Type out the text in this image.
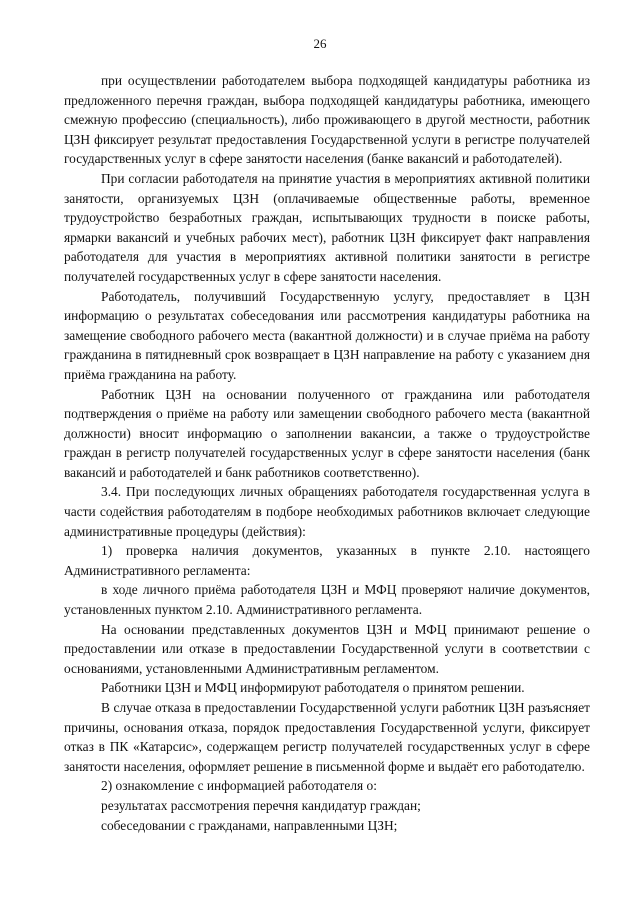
26

при осуществлении работодателем выбора подходящей кандидатуры работника из предложенного перечня граждан, выбора подходящей кандидатуры работника, имеющего смежную профессию (специальность), либо проживающего в другой местности, работник ЦЗН фиксирует результат предоставления Государственной услуги в регистре получателей государственных услуг в сфере занятости населения (банке вакансий и работодателей).

При согласии работодателя на принятие участия в мероприятиях активной политики занятости, организуемых ЦЗН (оплачиваемые общественные работы, временное трудоустройство безработных граждан, испытывающих трудности в поиске работы, ярмарки вакансий и учебных рабочих мест), работник ЦЗН фиксирует факт направления работодателя для участия в мероприятиях активной политики занятости в регистре получателей государственных услуг в сфере занятости населения.

Работодатель, получивший Государственную услугу, предоставляет в ЦЗН информацию о результатах собеседования или рассмотрения кандидатуры работника на замещение свободного рабочего места (вакантной должности) и в случае приёма на работу гражданина в пятидневный срок возвращает в ЦЗН направление на работу с указанием дня приёма гражданина на работу.

Работник ЦЗН на основании полученного от гражданина или работодателя подтверждения о приёме на работу или замещении свободного рабочего места (вакантной должности) вносит информацию о заполнении вакансии, а также о трудоустройстве граждан в регистр получателей государственных услуг в сфере занятости населения (банк вакансий и работодателей и банк работников соответственно).

3.4. При последующих личных обращениях работодателя государственная услуга в части содействия работодателям в подборе необходимых работников включает следующие административные процедуры (действия):

1) проверка наличия документов, указанных в пункте 2.10. настоящего Административного регламента:

в ходе личного приёма работодателя ЦЗН и МФЦ проверяют наличие документов, установленных пунктом 2.10. Административного регламента.

На основании представленных документов ЦЗН и МФЦ принимают решение о предоставлении или отказе в предоставлении Государственной услуги в соответствии с основаниями, установленными Административным регламентом.

Работники ЦЗН и МФЦ информируют работодателя о принятом решении.

В случае отказа в предоставлении Государственной услуги работник ЦЗН разъясняет причины, основания отказа, порядок предоставления Государственной услуги, фиксирует отказ в ПК «Катарсис», содержащем регистр получателей государственных услуг в сфере занятости населения, оформляет решение в письменной форме и выдаёт его работодателю.

2) ознакомление с информацией работодателя о:

результатах рассмотрения перечня кандидатур граждан;

собеседовании с гражданами, направленными ЦЗН;
